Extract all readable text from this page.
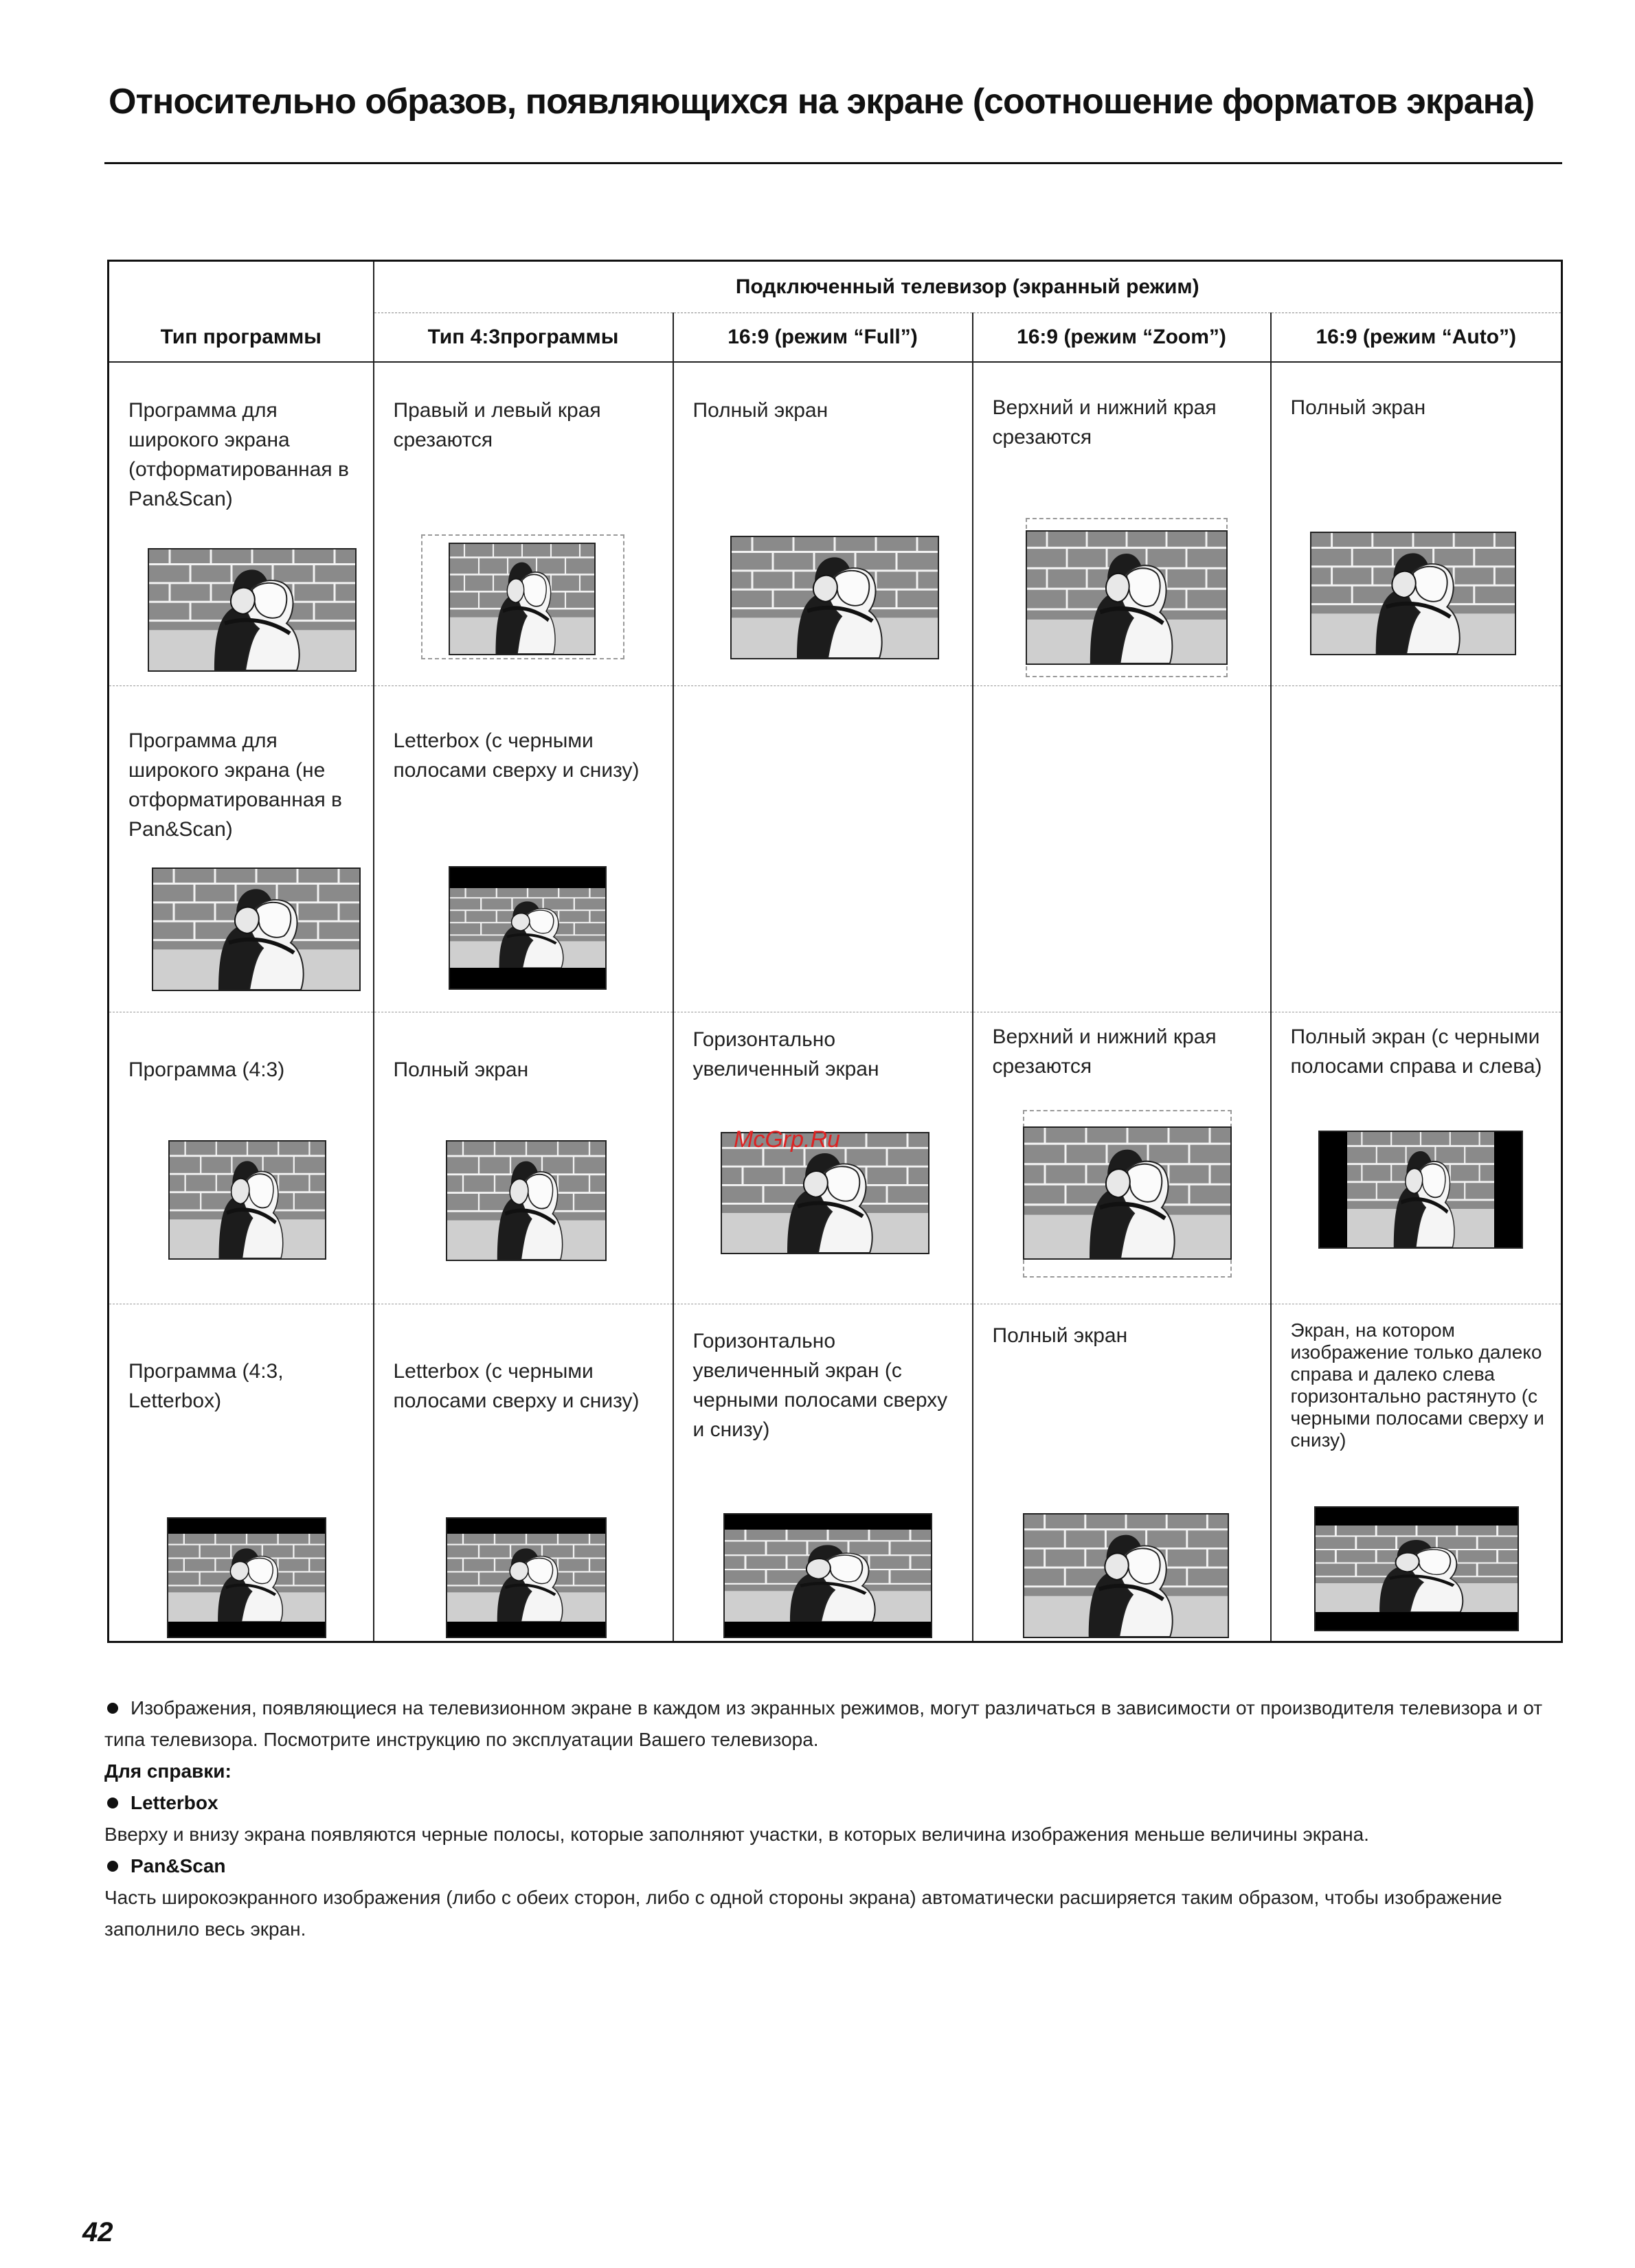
Относительно образов, появляющихся на экране (соотношение форматов экрана)
Тип программы	Подключенный телевизор (экранный режим)			
	Тип 4:3программы	16:9 (режим “Full”)	16:9 (режим “Zoom”)	16:9 (режим “Auto”)

Программа для широкого экрана (отформатированная в Pan&Scan)	Правый и левый края срезаются	Полный экран	Верхний и нижний края срезаются	Полный экран

Программа для широкого экрана (не отформатированная в Pan&Scan)	Letterbox (с черными полосами сверху и снизу)			

Программа (4:3)	Полный экран	Горизонтально увеличенный экран	Верхний и нижний края срезаются	Полный экран (с черными полосами справа и слева)

Программа (4:3, Letterbox)	Letterbox (с черными полосами сверху и снизу)	Горизонтально увеличенный экран (с черными полосами сверху и снизу)	Полный экран	Экран, на котором изображение только далеко справа и далеко слева горизонтально растянуто (с черными полосами сверху и снизу)
McGrp.Ru

Изображения, появляющиеся на телевизионном экране в каждом из экранных режимов, могут различаться в зависимости от производителя телевизора и от типа телевизора. Посмотрите инструкцию по эксплуатации Вашего телевизора.

Для справки:

Letterbox

Вверху и внизу экрана появляются черные полосы, которые заполняют участки, в которых величина изображения меньше величины экрана.

Pan&Scan

Часть широкоэкранного изображения (либо с обеих сторон, либо с одной стороны экрана) автоматически расширяется таким образом, чтобы изображение заполнило весь экран.

42
